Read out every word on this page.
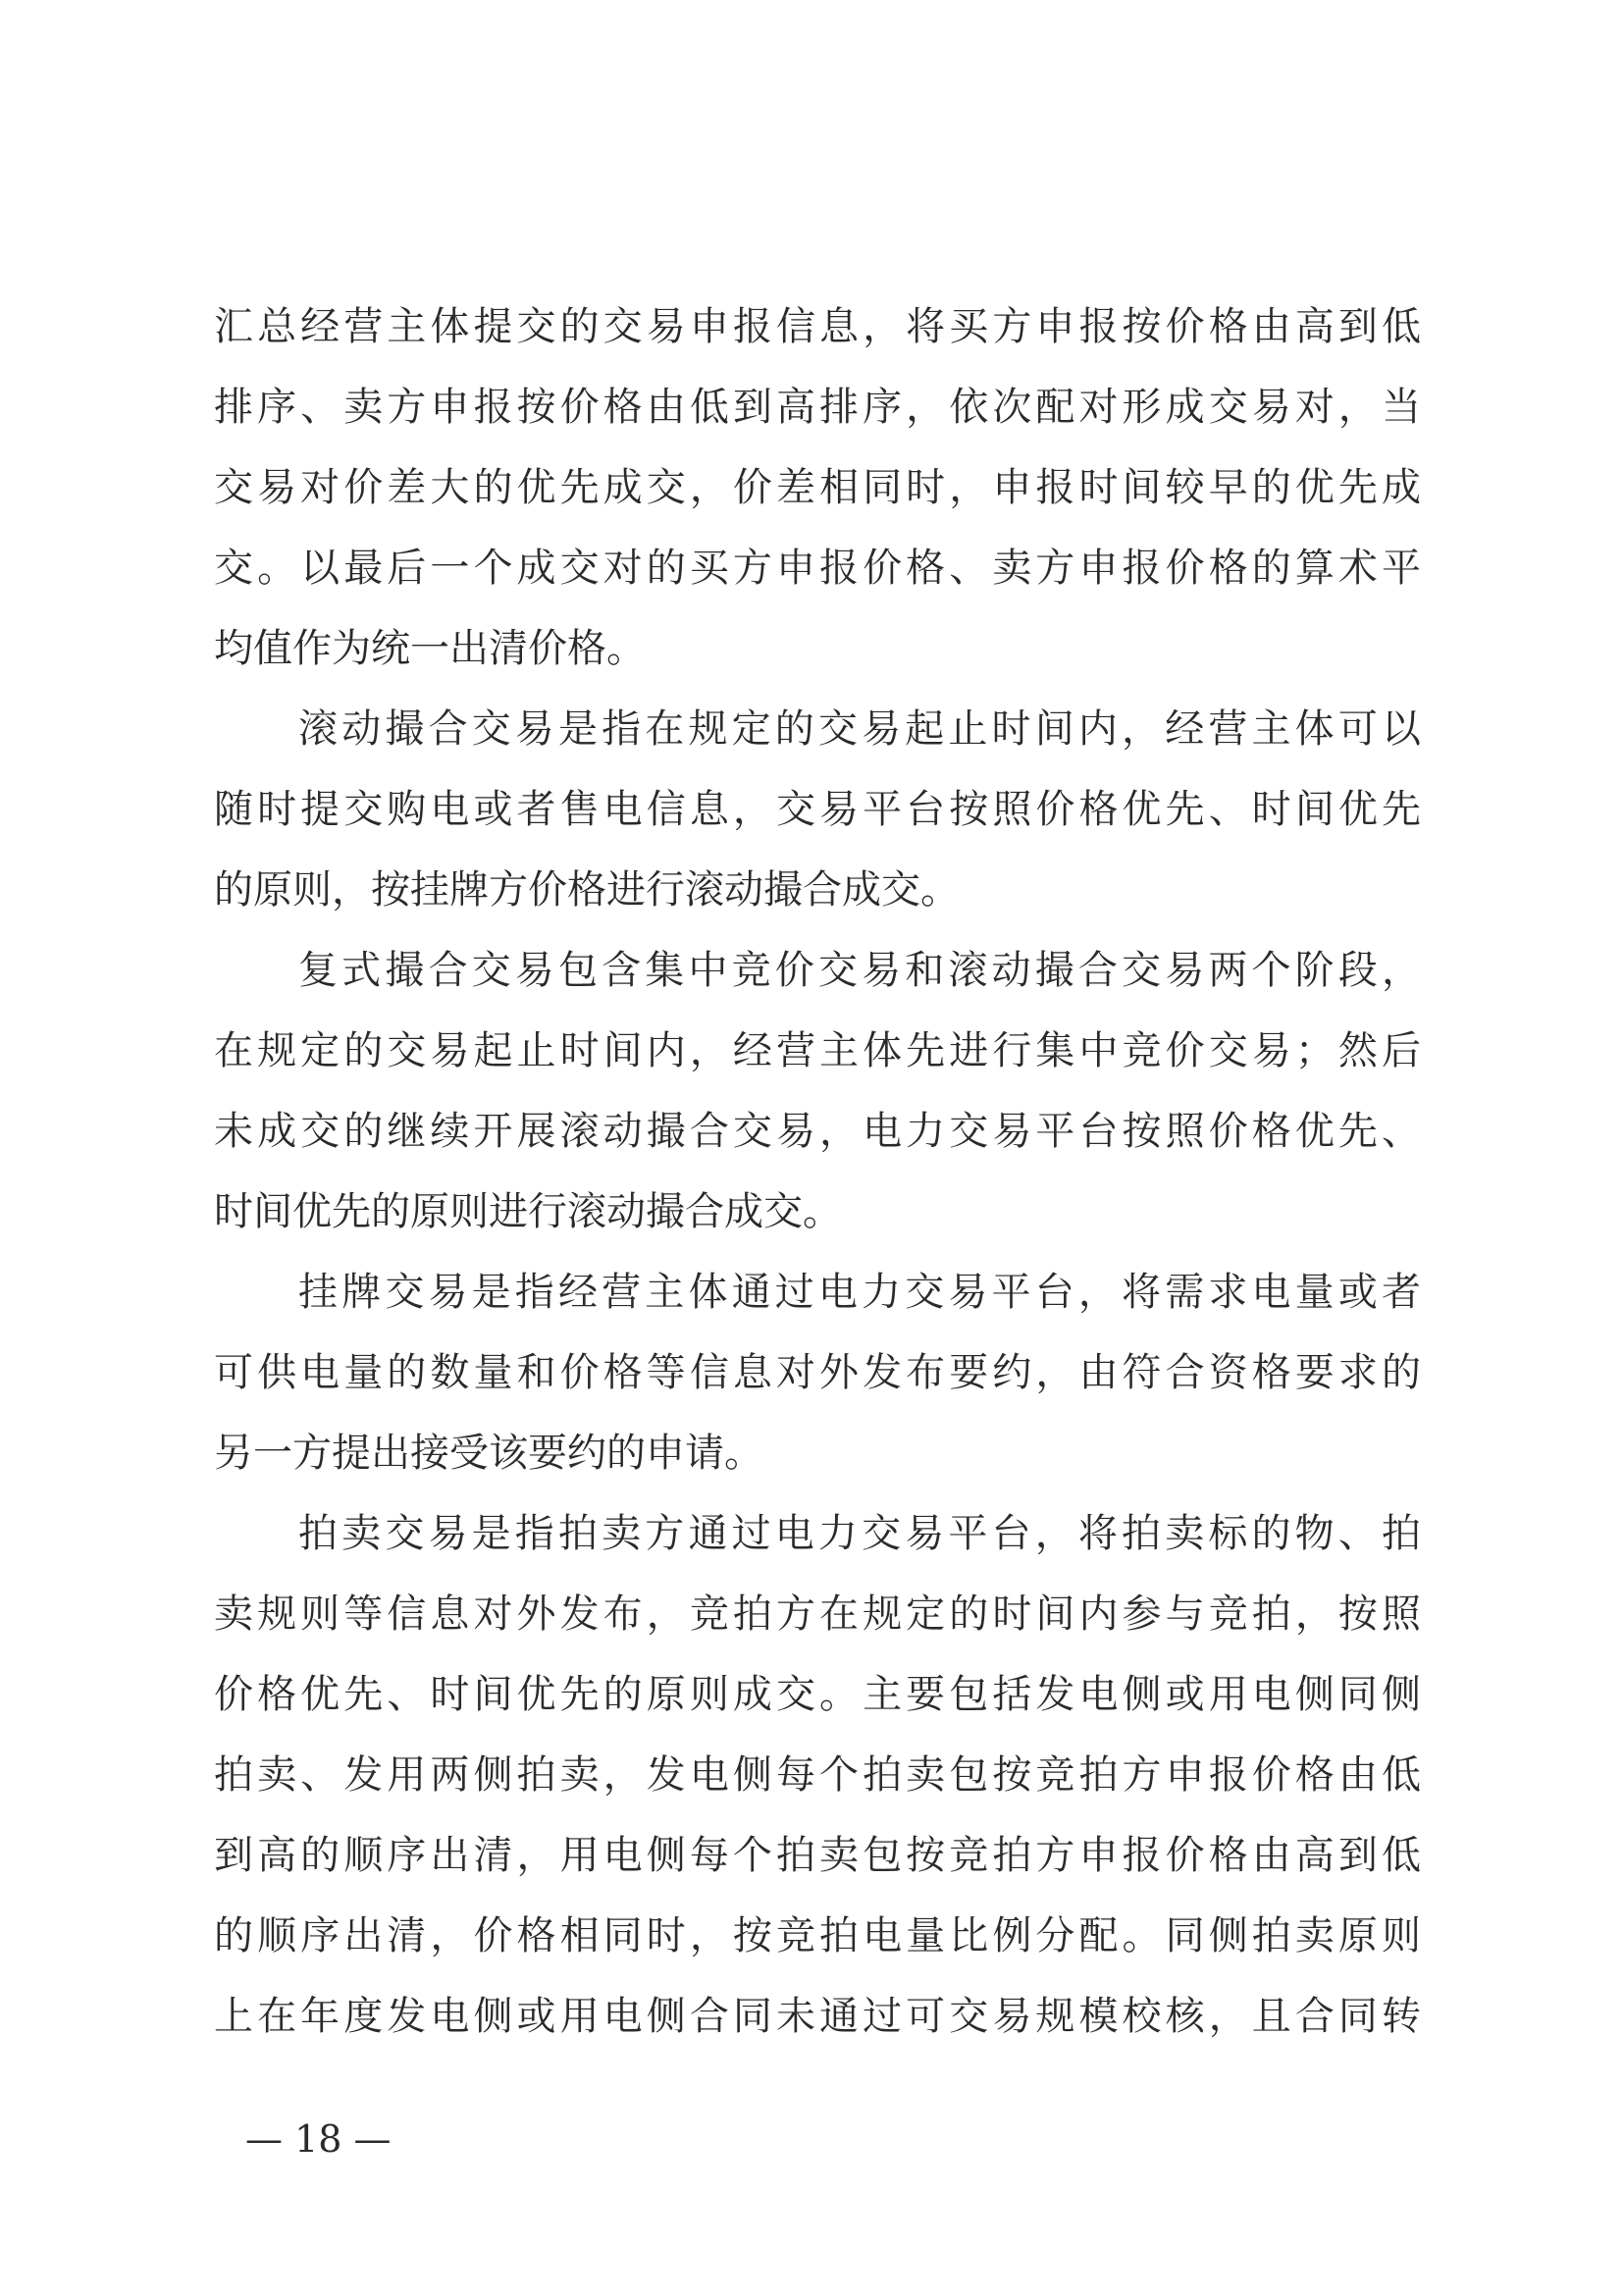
汇总经营主体提交的交易申报信息，将买方申报按价格由高到低
排序、卖方申报按价格由低到高排序，依次配对形成交易对，当
交易对价差大的优先成交，价差相同时，申报时间较早的优先成
交。以最后一个成交对的买方申报价格、卖方申报价格的算术平
均值作为统一出清价格。
滚动撮合交易是指在规定的交易起止时间内，经营主体可以
随时提交购电或者售电信息，交易平台按照价格优先、时间优先
的原则，按挂牌方价格进行滚动撮合成交。
复式撮合交易包含集中竞价交易和滚动撮合交易两个阶段，
在规定的交易起止时间内，经营主体先进行集中竞价交易；然后
未成交的继续开展滚动撮合交易，电力交易平台按照价格优先、
时间优先的原则进行滚动撮合成交。
挂牌交易是指经营主体通过电力交易平台，将需求电量或者
可供电量的数量和价格等信息对外发布要约，由符合资格要求的
另一方提出接受该要约的申请。
拍卖交易是指拍卖方通过电力交易平台，将拍卖标的物、拍
卖规则等信息对外发布，竞拍方在规定的时间内参与竞拍，按照
价格优先、时间优先的原则成交。主要包括发电侧或用电侧同侧
拍卖、发用两侧拍卖，发电侧每个拍卖包按竞拍方申报价格由低
到高的顺序出清，用电侧每个拍卖包按竞拍方申报价格由高到低
的顺序出清，价格相同时，按竞拍电量比例分配。同侧拍卖原则
上在年度发电侧或用电侧合同未通过可交易规模校核，且合同转
— 18 —
